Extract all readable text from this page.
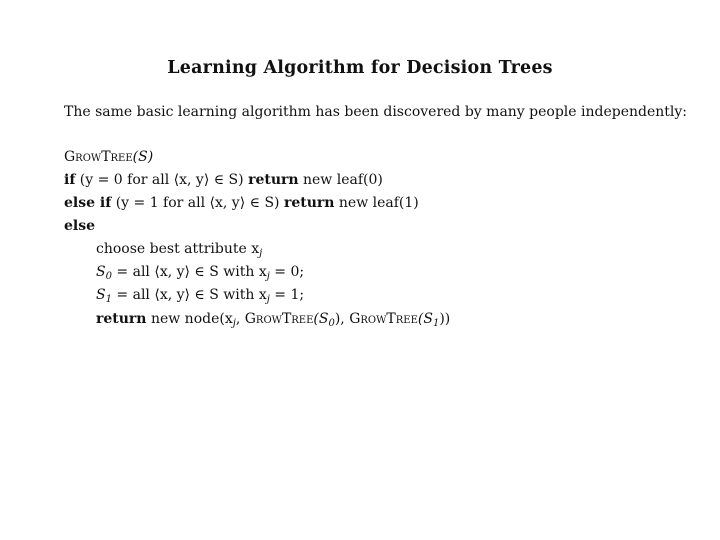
Learning Algorithm for Decision Trees
The same basic learning algorithm has been discovered by many people independently:
GrowTree(S)
if (y = 0 for all ⟨x, y⟩ ∈ S) return new leaf(0)
else if (y = 1 for all ⟨x, y⟩ ∈ S) return new leaf(1)
else
choose best attribute $x_j$
$S_0$ = all ⟨x, y⟩ ∈ S with $x_j = 0$;
$S_1$ = all ⟨x, y⟩ ∈ S with $x_j = 1$;
return new $node(x_j$, $GrowTree(S_0)$, $GrowTree(S_1)$)
